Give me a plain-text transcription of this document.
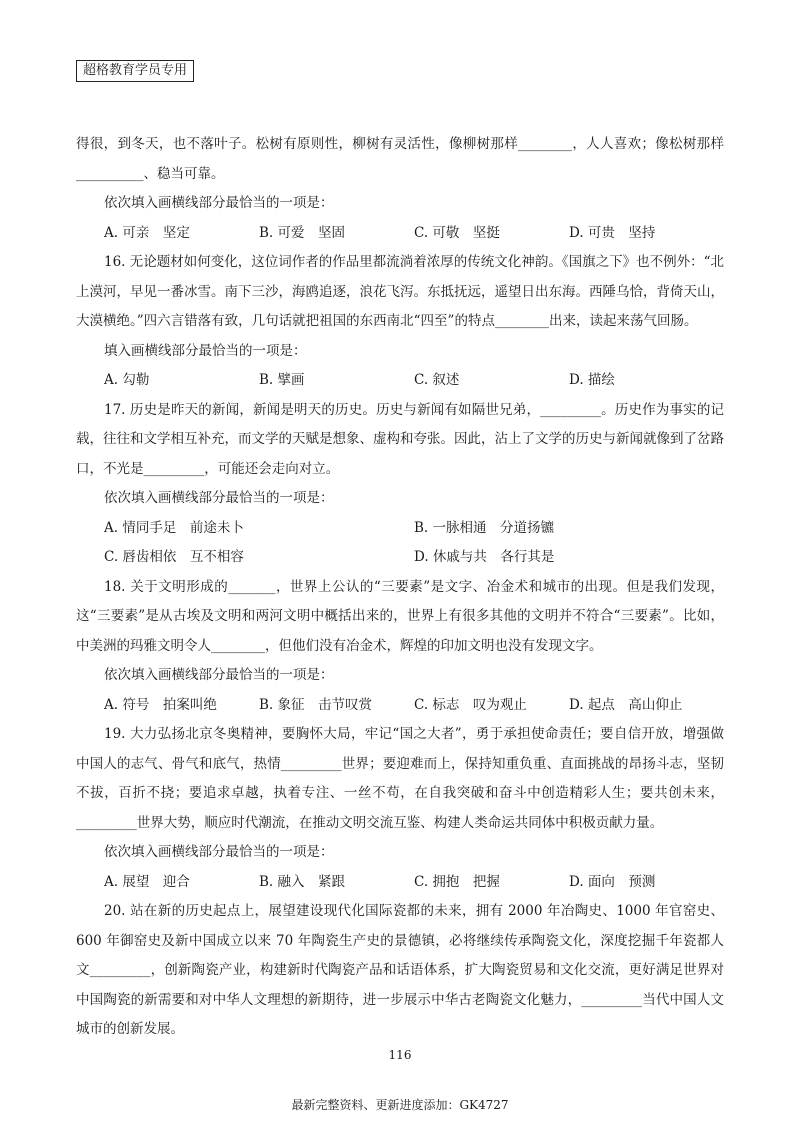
超格教育学员专用

得很，到冬天，也不落叶子。松树有原则性，柳树有灵活性，像柳树那样________，人人喜欢；像松树那样__________、稳当可靠。

依次填入画横线部分最恰当的一项是：

A. 可亲　坚定	B. 可爱　坚固	C. 可敬　坚挺	D. 可贵　坚持

16. 无论题材如何变化，这位词作者的作品里都流淌着浓厚的传统文化神韵。《国旗之下》也不例外：“北上漠河，早见一番冰雪。南下三沙，海鸥追逐，浪花飞泻。东抵抚远，遥望日出东海。西陲乌恰，背倚天山，大漠横绝。”四六言错落有致，几句话就把祖国的东西南北“四至”的特点________出来，读起来荡气回肠。

填入画横线部分最恰当的一项是：

A. 勾勒	B. 擘画	C. 叙述	D. 描绘

17. 历史是昨天的新闻，新闻是明天的历史。历史与新闻有如隔世兄弟，_________。历史作为事实的记载，往往和文学相互补充，而文学的天赋是想象、虚构和夸张。因此，沾上了文学的历史与新闻就像到了岔路口，不光是_________，可能还会走向对立。

依次填入画横线部分最恰当的一项是：

A. 情同手足　前途未卜	B. 一脉相通　分道扬镳
C. 唇齿相依　互不相容	D. 休戚与共　各行其是

18. 关于文明形成的_______，世界上公认的“三要素”是文字、冶金术和城市的出现。但是我们发现，这“三要素”是从古埃及文明和两河文明中概括出来的，世界上有很多其他的文明并不符合“三要素”。比如，中美洲的玛雅文明令人________，但他们没有冶金术，辉煌的印加文明也没有发现文字。

依次填入画横线部分最恰当的一项是：

A. 符号　拍案叫绝	B. 象征　击节叹赏	C. 标志　叹为观止	D. 起点　高山仰止

19. 大力弘扬北京冬奥精神，要胸怀大局，牢记“国之大者”，勇于承担使命责任；要自信开放，增强做中国人的志气、骨气和底气，热情_________世界；要迎难而上，保持知重负重、直面挑战的昂扬斗志，坚韧不拔，百折不挠；要追求卓越，执着专注、一丝不苟，在自我突破和奋斗中创造精彩人生；要共创未来，_________世界大势，顺应时代潮流，在推动文明交流互鉴、构建人类命运共同体中积极贡献力量。

依次填入画横线部分最恰当的一项是：

A. 展望　迎合	B. 融入　紧跟	C. 拥抱　把握	D. 面向　预测

20. 站在新的历史起点上，展望建设现代化国际瓷都的未来，拥有 2000 年冶陶史、1000 年官窑史、600 年御窑史及新中国成立以来 70 年陶瓷生产史的景德镇，必将继续传承陶瓷文化，深度挖掘千年瓷都人文_________，创新陶瓷产业，构建新时代陶瓷产品和话语体系，扩大陶瓷贸易和文化交流，更好满足世界对中国陶瓷的新需要和对中华人文理想的新期待，进一步展示中华古老陶瓷文化魅力，_________当代中国人文城市的创新发展。

116
最新完整资料、更新进度添加：GK4727
